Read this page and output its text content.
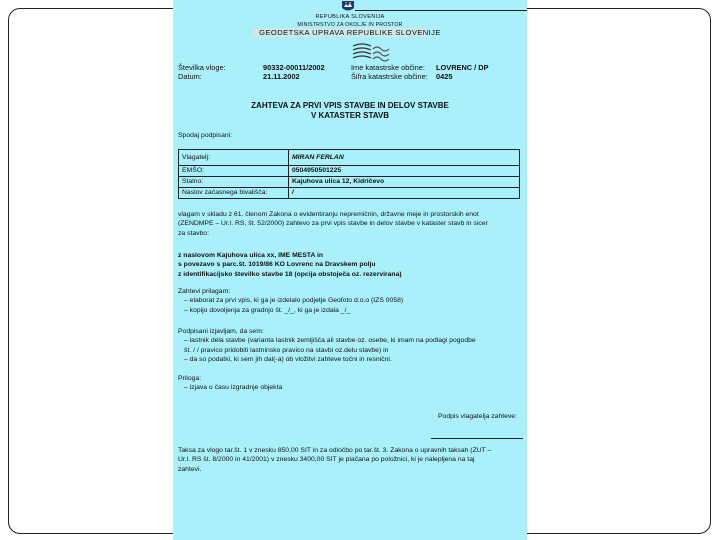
REPUBLIKA SLOVENIJA
MINISTRSTVO ZA OKOLJE IN PROSTOR
GEODETSKA UPRAVA REPUBLIKE SLOVENIJE
Številka vloge:	90332-00011/2002
Datum:	21.11.2002
Ime katastrske občine: LOVRENC / DP
Šifra katastrske občine: 0425
ZAHTEVA ZA PRVI VPIS STAVBE IN DELOV STAVBE
V KATASTER STAVB
Spodaj podpisani:
Vlagatelj:	MIRAN FERLAN
EMŠO:	0504950501225
Stalno:	Kajuhova ulica 12, Kidričevo
Naslov začasnega bivališča:	/
vlagam v skladu z 61. členom Zakona o evidentiranju nepremičnin, državne meje in prostorskih enot
(ZENDMPE – Ur.l. RS, št. 52/2000) zahtevo za prvi vpis stavbe in delov stavbe v kataster stavb in sicer
za stavbo:
z naslovom Kajuhova ulica xx, IME MESTA in
s povezavo s parc.št. 1019/86 KO Lovrenc na Dravskem polju
z identifikacijsko številko stavbe 18 (opcija obstoječa oz. rezervirana)
Zahtevi prilagam:
– elaborat za prvi vpis, ki ga je izdelalo podjetje Geofoto d.o.o (IZS 0058)
– kopijo dovoljenja za gradnjo št. _/_, ki ga je izdala _/_
Podpisani izjavljam, da sem:
– lastnik dela stavbe (varianta lastnik zemljišča ali stavbe oz. osebe, ki imam na podlagi pogodbe
št. / / pravico pridobiti lastninsko pravico na stavbi oz.delu stavbe) in
– da so podatki, ki sem jih dal(-a) ob vložitvi zahteve točni in resnični.
Priloga:
– izjava o času izgradnje objekta
Podpis vlagatelja zahteve:
Taksa za vlogo tar.št. 1 v znesku 850,00 SIT in za odločbo po tar.št. 3. Zakona o upravnih taksah (ZUT –
Ur.l. RS št. 8/2000 in 41/2001) v znesku 3400,00 SIT je plačana po položnici, ki je nalepljena na taj
zahtevi.
